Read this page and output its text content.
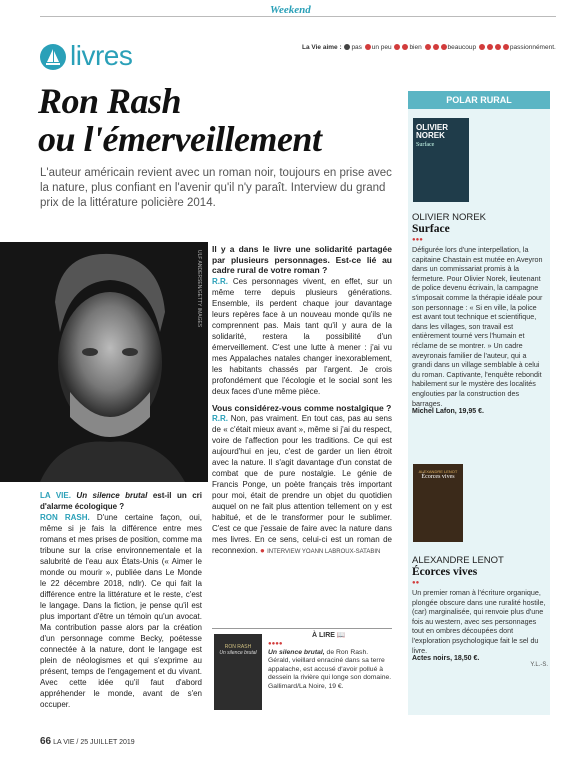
Weekend
livres	La Vie aime : pas un peu	bien	beaucoup	passionnément.
Ron Rash
ou l'émerveillement
L'auteur américain revient avec un roman noir, toujours en prise avec la nature, plus confiant en l'avenir qu'il n'y paraît. Interview du grand prix de la littérature policière 2014.
ULF ANDERSEN/GETTY IMAGES
LA VIE. Un silence brutal est-il un cri d'alarme écologique ?
RON RASH. D'une certaine façon, oui, même si je fais la différence entre mes romans et mes prises de position, comme ma tribune sur la crise environnementale et la salubrité de l'eau aux États-Unis (« Aimer le monde ou mourir », publiée dans Le Monde le 22 décembre 2018, ndlr). Ce qui fait la différence entre la littérature et le reste, c'est le langage. Dans la fiction, je pense qu'il est plus important d'être un témoin qu'un avocat. Ma contribution passe alors par la création d'un personnage comme Becky, poétesse connectée à la nature, dont le langage est plein de néologismes et qui s'exprime au présent, temps de l'engagement et du vivant. Avec cette idée qu'il faut d'abord appréhender le monde, avant de s'en occuper.
Il y a dans le livre une solidarité partagée par plusieurs personnages. Est-ce lié au cadre rural de votre roman ?
R.R. Ces personnages vivent, en effet, sur un même terre depuis plusieurs générations. Ensemble, ils perdent chaque jour davantage leurs repères face à un nouveau monde qu'ils ne comprennent pas. Mais tant qu'il y aura de la solidarité, restera la possibilité d'un émerveillement. C'est une lutte à mener : j'ai vu mes Appalaches natales changer inexorablement, les habitants chassés par l'argent. Je crois profondément que l'écologie et le social sont les deux faces d'une même pièce.
Vous considérez-vous comme nostalgique ?
R.R. Non, pas vraiment. En tout cas, pas au sens de « c'était mieux avant », même si j'ai du respect, voire de l'affection pour les traditions. Ce qui est aujourd'hui en jeu, c'est de garder un lien étroit avec la nature. Il s'agit davantage d'un constat de combat que de pure nostalgie. Le génie de Francis Ponge, un poète français très important pour moi, était de prendre un objet du quotidien auquel on ne fait plus attention tellement on y est habitué, et de le transformer pour le sublimer. C'est ce que j'essaie de faire avec la nature dans mes livres. En ce sens, celui-ci est un roman de reconnexion. ● INTERVIEW YOANN LABROUX-SATABIN
À LIRE 📖
RON RASH
Un silence brutal
●●●●
Un silence brutal, de Ron Rash. Gérald, vieillard enraciné dans sa terre appalache, est accusé d'avoir pollué à dessein la rivière qui longe son domaine. Gallimard/La Noire, 19 €.
POLAR RURAL
OLIVIER NOREK
Surface
OLIVIER NOREK
Surface
●●●
Défigurée lors d'une interpellation, la capitaine Chastain est mutée en Aveyron dans un commissariat promis à la fermeture. Pour Olivier Norek, lieutenant de police devenu écrivain, la campagne s'imposait comme la thérapie idéale pour son personnage : « Si en ville, la police est avant tout technique et scientifique, dans les villages, son travail est entièrement tourné vers l'humain et réclame de se montrer. » Un cadre aveyronais familier de l'auteur, qui a grandi dans un village semblable à celui du roman. Captivante, l'enquête rebondit habilement sur le mystère des localités englouties par la construction des barrages.
Michel Lafon, 19,95 €.
ALEXANDRE LENOT
Écorces vives
ALEXANDRE LENOT
Écorces vives
●●
Un premier roman à l'écriture organique, plongée obscure dans une ruralité hostile, (car) marginalisée, qui renvoie plus d'une fois au western, avec ses personnages tout en ombres découpées dont l'exploration psychologique fait le sel du livre.
Actes noirs, 18,50 €.
Y.L.-S.
66 LA VIE / 25 JUILLET 2019
